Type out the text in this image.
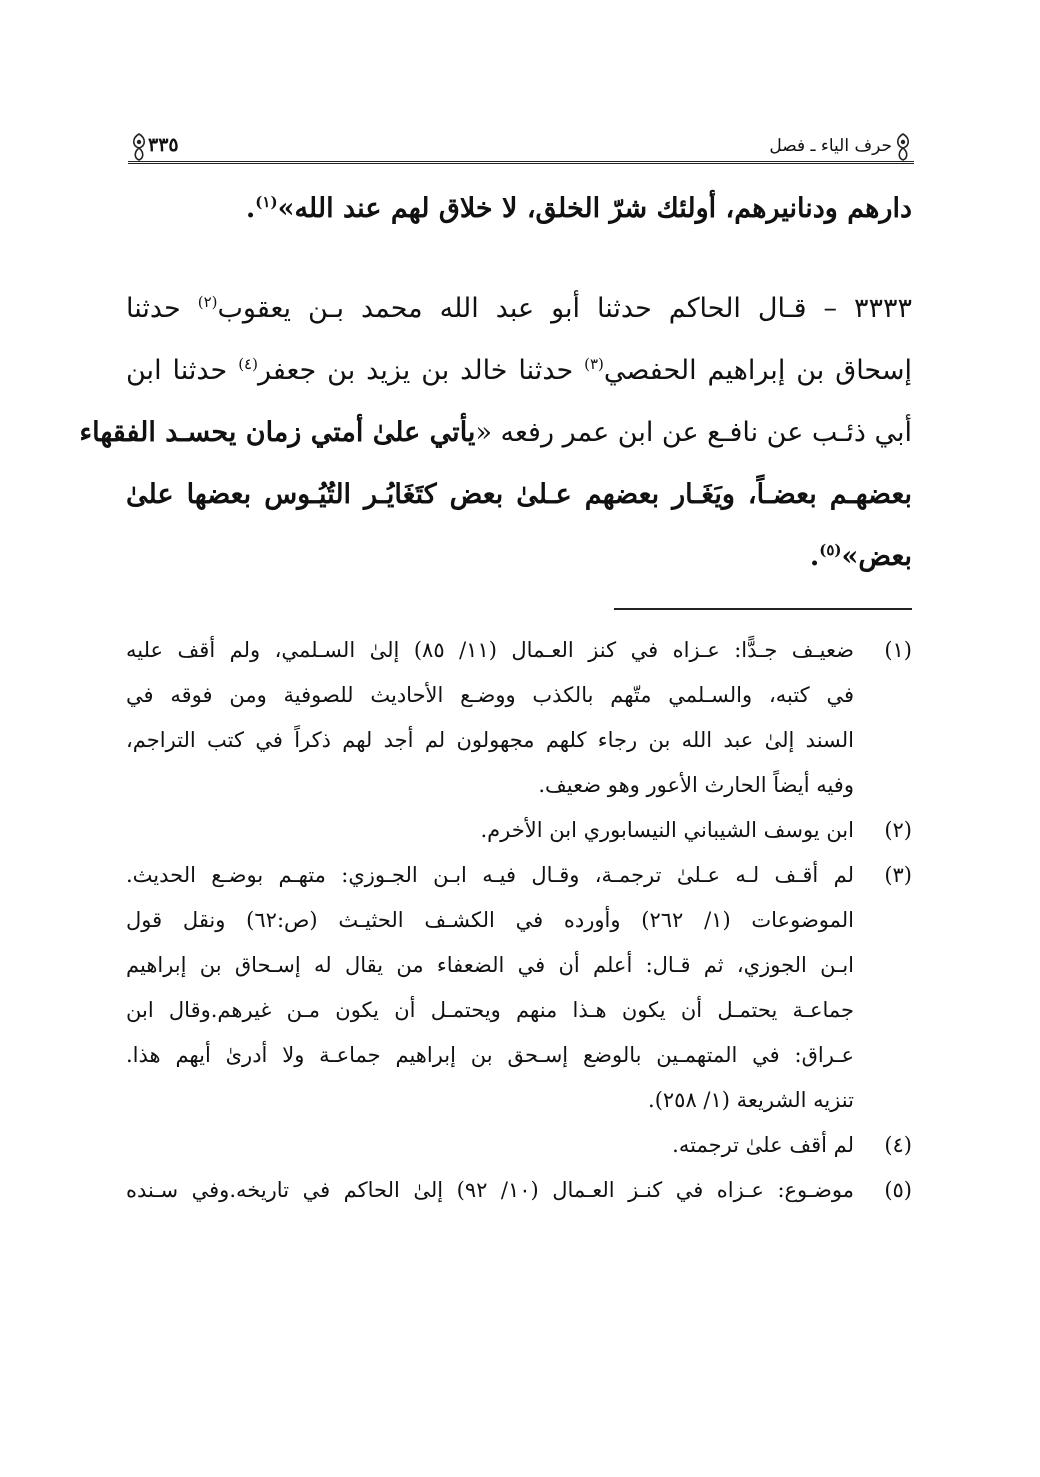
حرف الياء ـ فصل
٣٣٥
دارهم ودنانيرهم، أولئك شرّ الخلق، لا خلاق لهم عند الله»$^{(١)}$.
٣٣٣٣ – قـال الحاكم حدثنا أبو عبد الله محمد بـن يعقوب$^{(٢)}$ حدثنا
إسحاق بن إبراهيم الحفصي$^{(٣)}$ حدثنا خالد بن يزيد بن جعفر$^{(٤)}$ حدثنا ابن
أبي ذئـب عن نافـع عن ابن عمر رفعه «يأتي علىٰ أمتي زمان يحسـد الفقهاء
بعضهـم بعضـاً، ويَغَـار بعضهم عـلىٰ بعض كتَغَايُـر التُيُـوس بعضها علىٰ
بعض»$^{(٥)}$.
(١)
ضعيـف جـدًّا: عـزاه في كنز العـمال (١١/ ٨٥) إلىٰ السـلمي، ولم أقف عليه
في كتبه، والسـلمي متّهم بالكذب ووضـع الأحاديث للصوفية ومن فوقه في
السند إلىٰ عبد الله بن رجاء كلهم مجهولون لم أجد لهم ذكراً في كتب التراجم،
وفيه أيضاً الحارث الأعور وهو ضعيف.
(٢)
ابن يوسف الشيباني النيسابوري ابن الأخرم.
(٣)
لم أقـف لـه عـلىٰ ترجمـة، وقـال فيـه ابـن الجـوزي: متهـم بوضـع الحديث.
الموضوعات (١/ ٢٦٢) وأورده في الكشـف الحثيـث (ص:٦٢) ونقل قول
ابـن الجوزي، ثم قـال: أعلم أن في الضعفاء من يقال له إسـحاق بن إبراهيم
جماعـة يحتمـل أن يكون هـذا منهم ويحتمـل أن يكون مـن غيرهم.وقال ابن
عـراق: في المتهمـين بالوضع إسـحق بن إبراهيم جماعـة ولا أدرىٰ أيهم هذا.
تنزيه الشريعة (١/ ٢٥٨).
(٤)
لم أقف علىٰ ترجمته.
(٥)
موضـوع: عـزاه في كنـز العـمال (١٠/ ٩٢) إلىٰ الحاكم في تاريخه.وفي سـنده
